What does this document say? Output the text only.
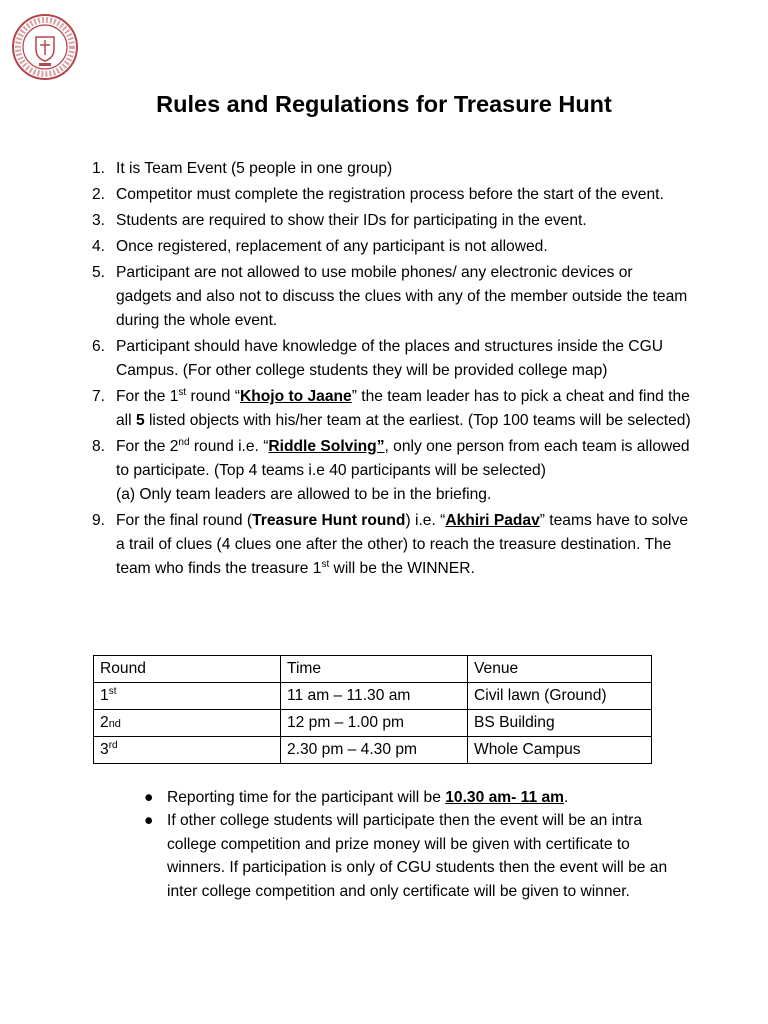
Rules and Regulations for Treasure Hunt
1. It is Team Event (5 people in one group)
2. Competitor must complete the registration process before the start of the event.
3. Students are required to show their IDs for participating in the event.
4. Once registered, replacement of any participant is not allowed.
5. Participant are not allowed to use mobile phones/ any electronic devices or gadgets and also not to discuss the clues with any of the member outside the team during the whole event.
6. Participant should have knowledge of the places and structures inside the CGU Campus. (For other college students they will be provided college map)
7. For the 1st round “Khojo to Jaane” the team leader has to pick a cheat and find the all 5 listed objects with his/her team at the earliest. (Top 100 teams will be selected)
8. For the 2nd round i.e. “Riddle Solving”, only one person from each team is allowed to participate. (Top 4 teams i.e 40 participants will be selected)
(a) Only team leaders are allowed to be in the briefing.
9. For the final round (Treasure Hunt round) i.e. “Akhiri Padav” teams have to solve a trail of clues (4 clues one after the other) to reach the treasure destination. The team who finds the treasure 1st will be the WINNER.
Round	Time	Venue
1st	11 am – 11.30 am	Civil lawn (Ground)
2nd	12 pm – 1.00 pm	BS Building
3rd	2.30 pm – 4.30 pm	Whole Campus
● Reporting time for the participant will be 10.30 am- 11 am.
● If other college students will participate then the event will be an intra college competition and prize money will be given with certificate to winners. If participation is only of CGU students then the event will be an inter college competition and only certificate will be given to winner.
